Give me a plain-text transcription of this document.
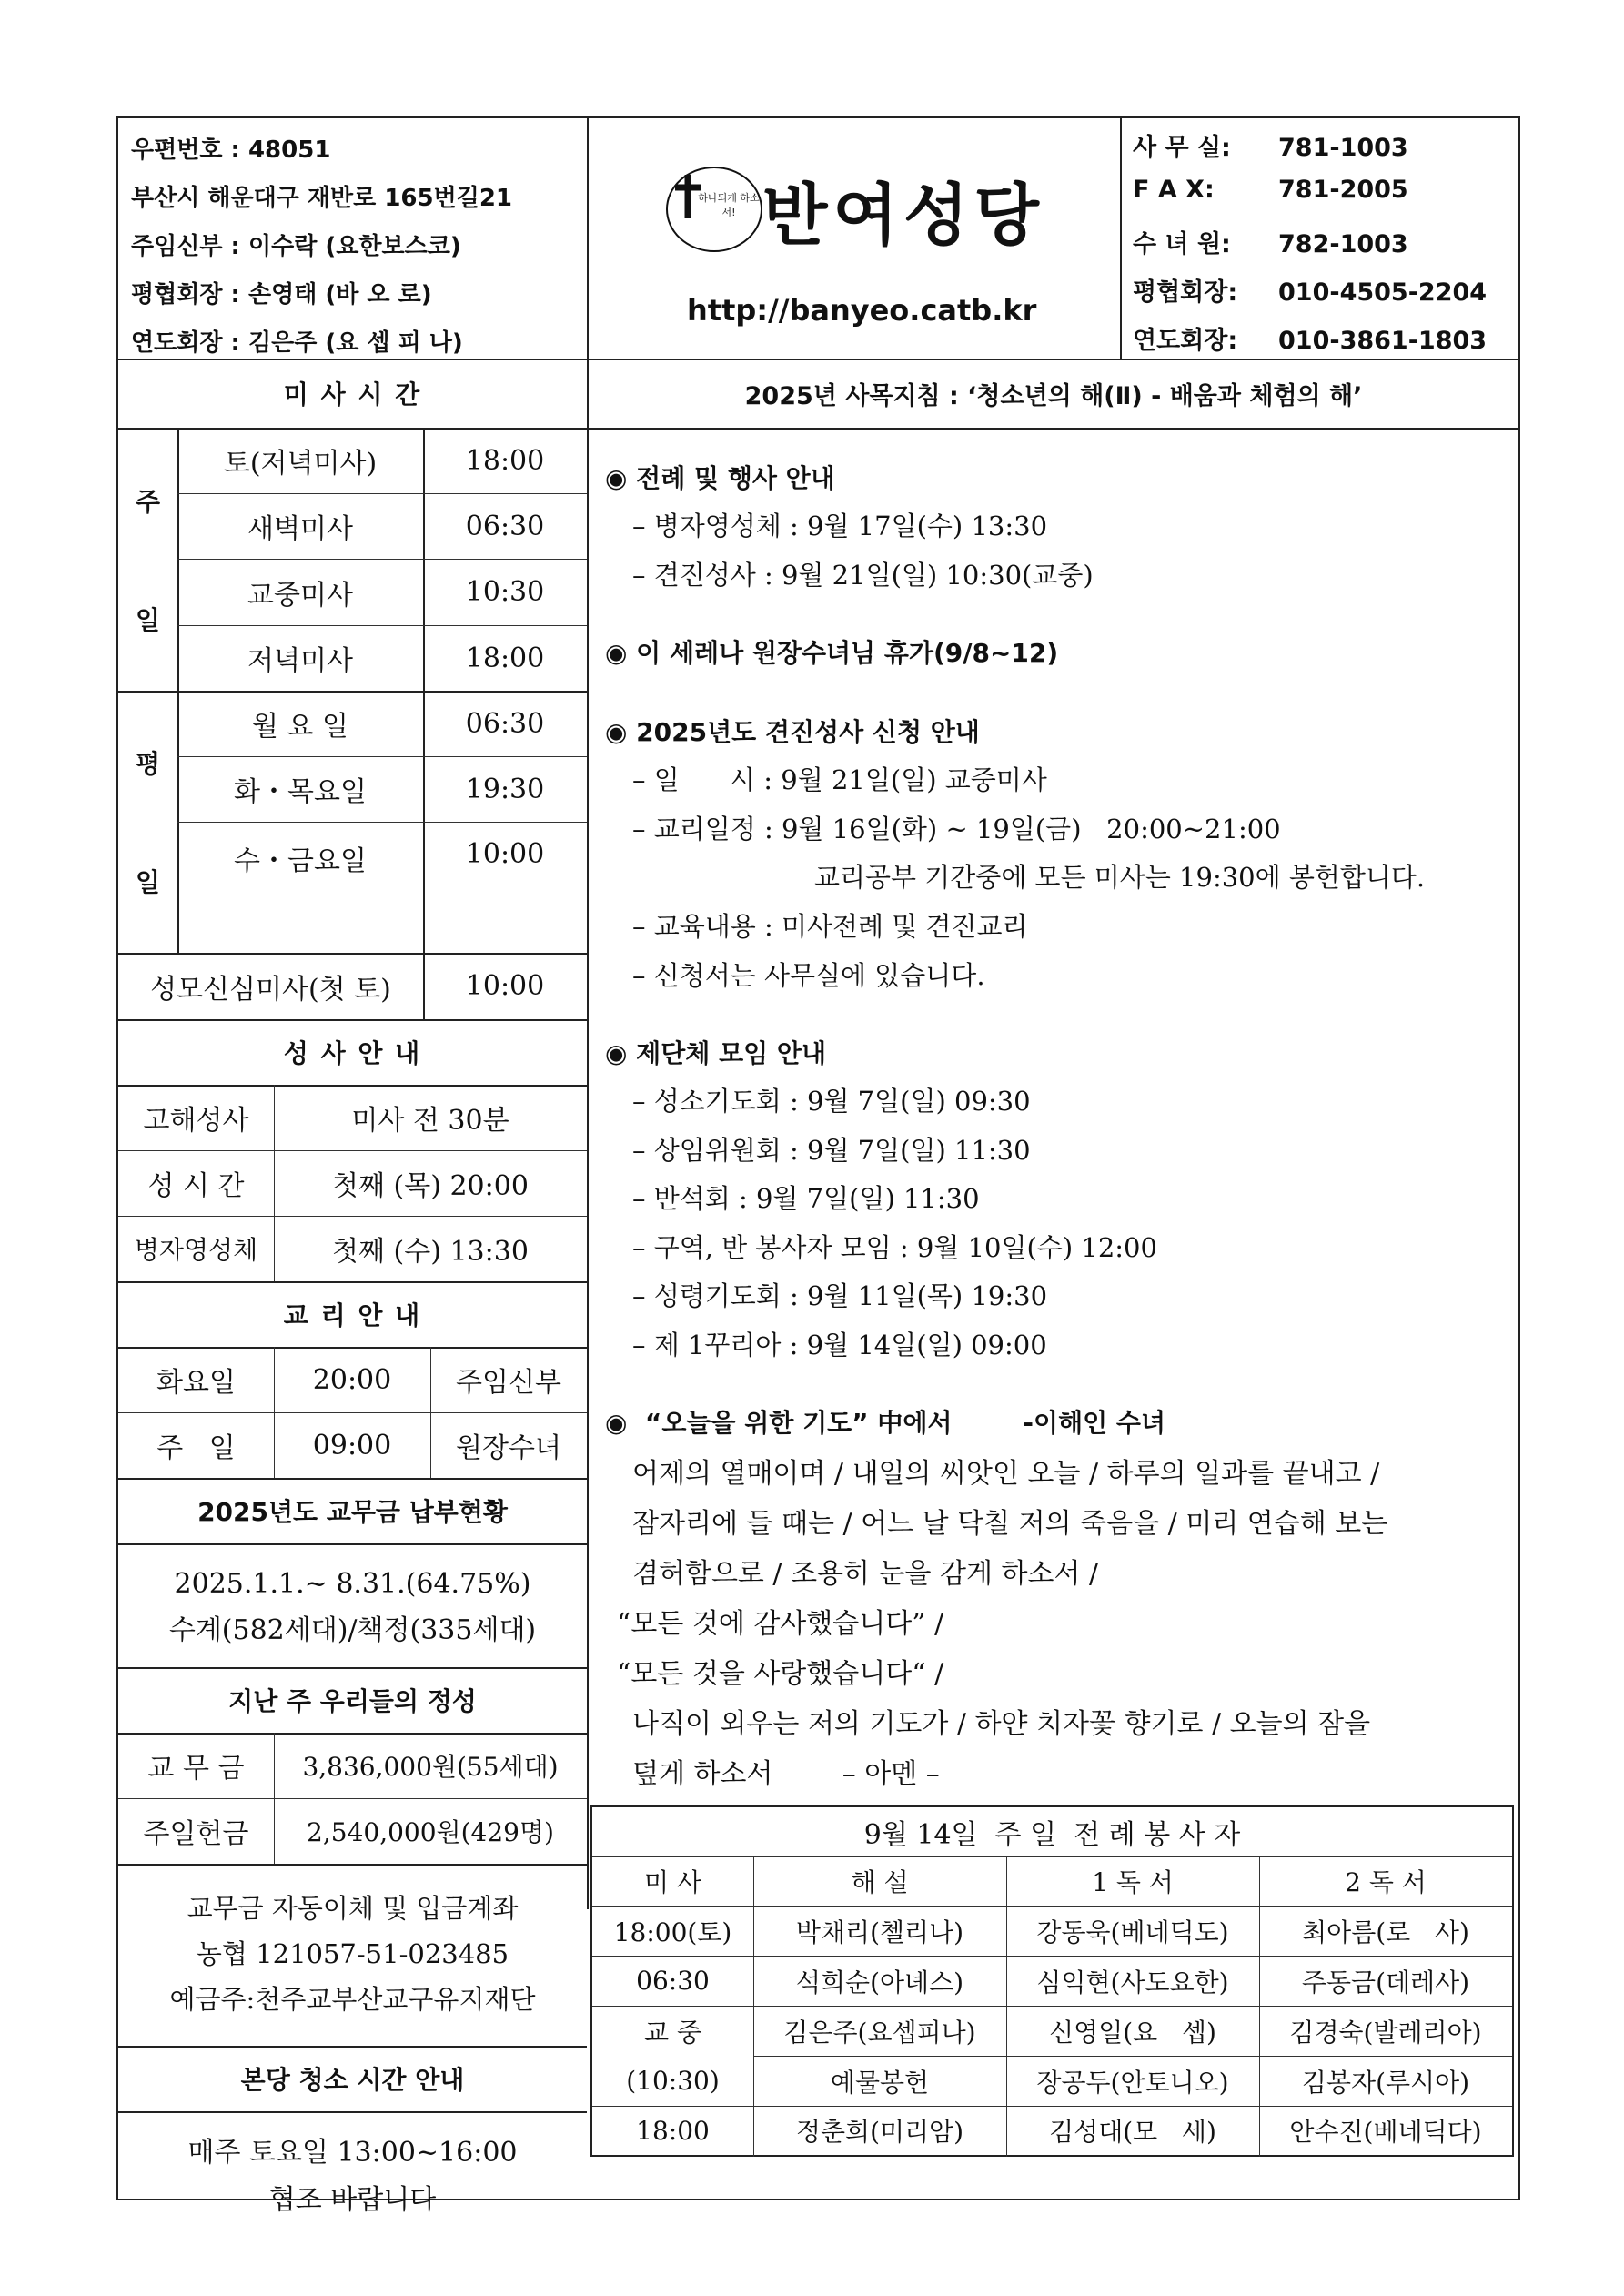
우편번호 : 48051
부산시 해운대구 재반로 165번길21
주임신부 : 이수락 (요한보스코)
평협회장 : 손영태 (바 오 로)
연도회장 : 김은주 (요 셉 피 나)
하나되게 하소서! 반여성당
http://banyeo.catb.kr
사 무 실: 781-1003
F A X:	781-2005
수 녀 원: 782-1003
평협회장: 010-4505-2204
연도회장: 010-3861-1803
미 사 시 간
주
일
평
일
토(저녁미사)	18:00
새벽미사	06:30
교중미사	10:30
저녁미사	18:00
월 요 일	06:30
화・목요일	19:30
수・금요일	10:00
성모신심미사(첫 토)	10:00
성 사 안 내
고해성사	미사 전 30분
성 시 간	첫째 (목) 20:00
병자영성체	첫째 (수) 13:30
교 리 안 내
화요일	20:00	주임신부
주   일	09:00	원장수녀
2025년도 교무금 납부현황
2025.1.1.~ 8.31.(64.75%)
수계(582세대)/책정(335세대)
지난 주 우리들의 정성
교 무 금	3,836,000원(55세대)
주일헌금	2,540,000원(429명)
교무금 자동이체 및 입금계좌
농협 121057-51-023485
예금주:천주교부산교구유지재단
본당 청소 시간 안내
매주 토요일 13:00~16:00
협조 바랍니다
2025년 사목지침 : ‘청소년의 해(Ⅱ) - 배움과 체험의 해’
◉ 전례 및 행사 안내
– 병자영성체 : 9월 17일(수) 13:30
– 견진성사 : 9월 21일(일) 10:30(교중)
◉ 이 세레나 원장수녀님 휴가(9/8~12)
◉ 2025년도 견진성사 신청 안내
– 일      시 : 9월 21일(일) 교중미사
– 교리일정 : 9월 16일(화) ~ 19일(금)   20:00~21:00
교리공부 기간중에 모든 미사는 19:30에 봉헌합니다.
– 교육내용 : 미사전례 및 견진교리
– 신청서는 사무실에 있습니다.
◉ 제단체 모임 안내
– 성소기도회 : 9월 7일(일) 09:30
– 상임위원회 : 9월 7일(일) 11:30
– 반석회 : 9월 7일(일) 11:30
– 구역, 반 봉사자 모임 : 9월 10일(수) 12:00
– 성령기도회 : 9월 11일(목) 19:30
– 제 1꾸리아 : 9월 14일(일) 09:00
◉  “오늘을 위한 기도” 中에서        -이해인 수녀
어제의 열매이며 / 내일의 씨앗인 오늘 / 하루의 일과를 끝내고 /
잠자리에 들 때는 / 어느 날 닥칠 저의 죽음을 / 미리 연습해 보는
겸허함으로 / 조용히 눈을 감게 하소서 /
“모든 것에 감사했습니다” /
“모든 것을 사랑했습니다“ /
나직이 외우는 저의 기도가 / 하얀 치자꽃 향기로 / 오늘의 잠을
덮게 하소서        – 아멘 –
9월 14일  주 일  전 례 봉 사 자
미 사	해 설	1 독 서	2 독 서
18:00(토)	박채리(첼리나)	강동욱(베네딕도)	최아름(로   사)
06:30	석희순(아녜스)	심익현(사도요한)	주동금(데레사)
교 중	김은주(요셉피나)	신영일(요   셉)	김경숙(발레리아)
(10:30)	예물봉헌	장공두(안토니오)	김봉자(루시아)
18:00	정춘희(미리암)	김성대(모   세)	안수진(베네딕다)
